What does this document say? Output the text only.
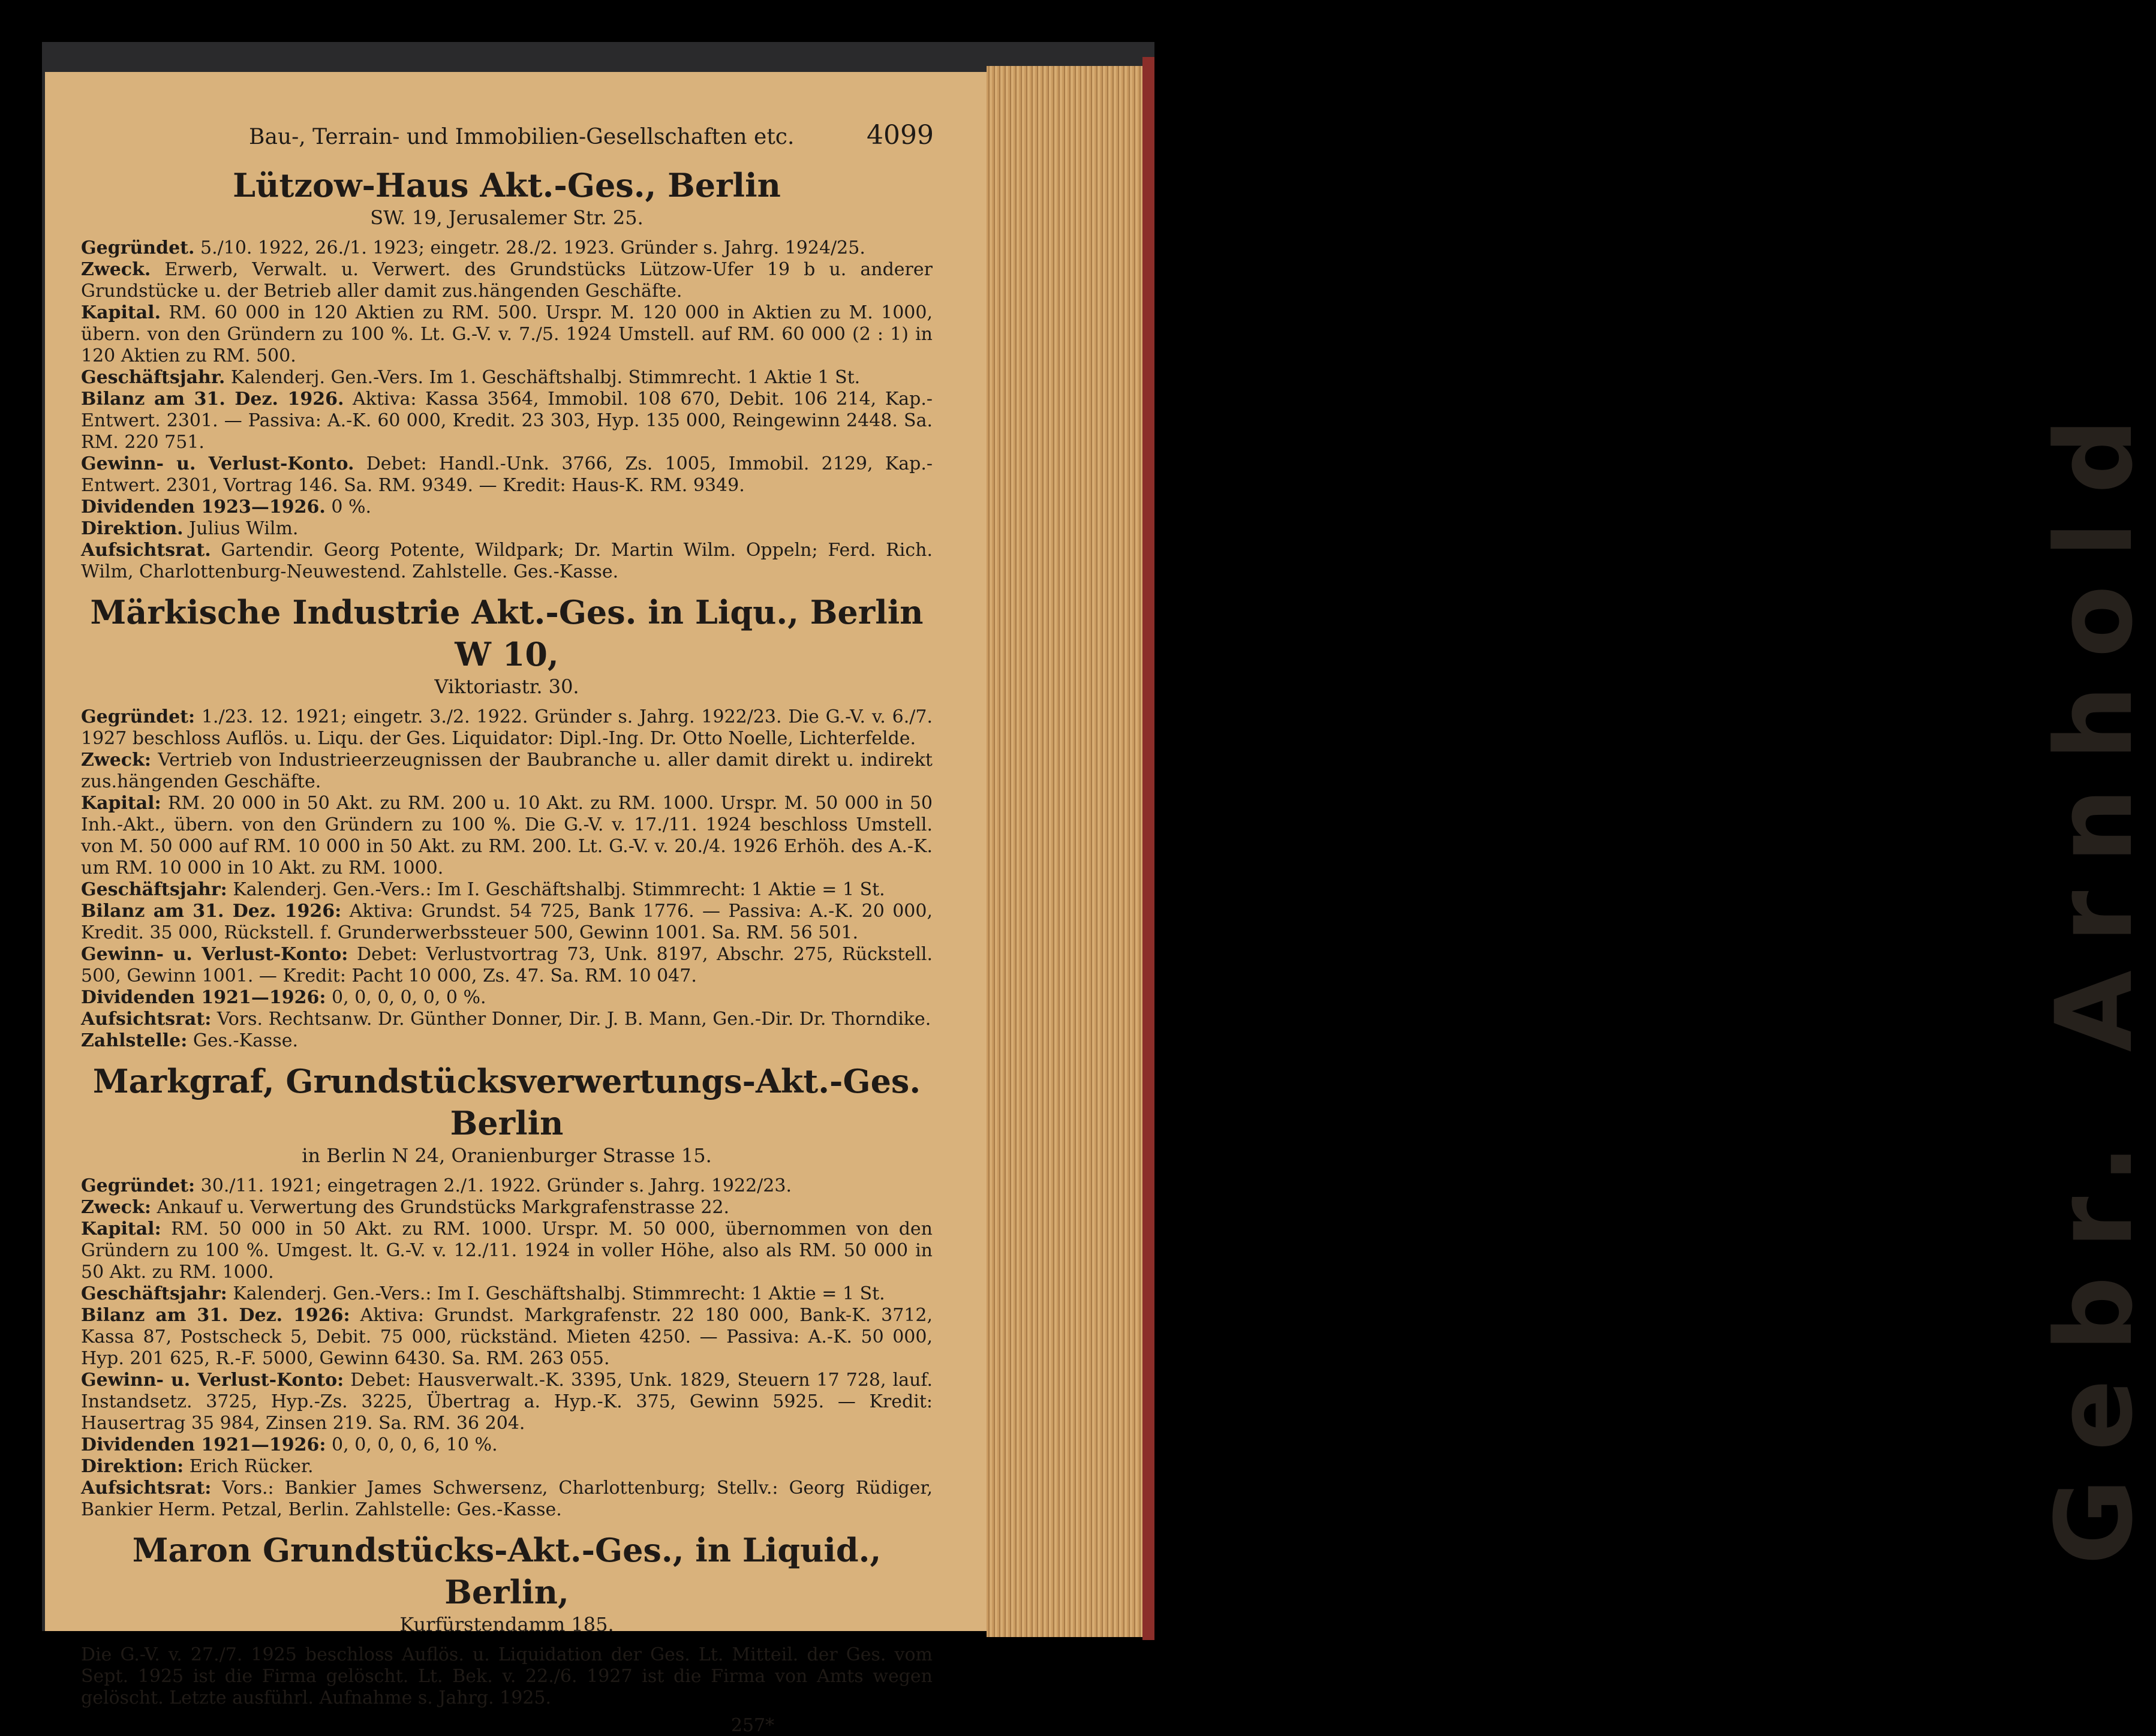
Gebr. Arnhold
Bau-, Terrain- und Immobilien-Gesellschaften etc.	4099
Lützow-Haus Akt.-Ges., Berlin
SW. 19, Jerusalemer Str. 25.

Gegründet. 5./10. 1922, 26./1. 1923; eingetr. 28./2. 1923. Gründer s. Jahrg. 1924/25.

Zweck. Erwerb, Verwalt. u. Verwert. des Grundstücks Lützow-Ufer 19 b u. anderer Grundstücke u. der Betrieb aller damit zus.hängenden Geschäfte.

Kapital. RM. 60 000 in 120 Aktien zu RM. 500. Urspr. M. 120 000 in Aktien zu M. 1000, übern. von den Gründern zu 100 %. Lt. G.-V. v. 7./5. 1924 Umstell. auf RM. 60 000 (2 : 1) in 120 Aktien zu RM. 500.

Geschäftsjahr. Kalenderj. Gen.-Vers. Im 1. Geschäftshalbj. Stimmrecht. 1 Aktie 1 St.

Bilanz am 31. Dez. 1926. Aktiva: Kassa 3564, Immobil. 108 670, Debit. 106 214, Kap.-Entwert. 2301. — Passiva: A.-K. 60 000, Kredit. 23 303, Hyp. 135 000, Reingewinn 2448. Sa. RM. 220 751.

Gewinn- u. Verlust-Konto. Debet: Handl.-Unk. 3766, Zs. 1005, Immobil. 2129, Kap.-Entwert. 2301, Vortrag 146. Sa. RM. 9349. — Kredit: Haus-K. RM. 9349.

Dividenden 1923—1926. 0 %.

Direktion. Julius Wilm.

Aufsichtsrat. Gartendir. Georg Potente, Wildpark; Dr. Martin Wilm. Oppeln; Ferd. Rich. Wilm, Charlottenburg-Neuwestend. Zahlstelle. Ges.-Kasse.

Märkische Industrie Akt.-Ges. in Liqu., Berlin W 10,
Viktoriastr. 30.

Gegründet: 1./23. 12. 1921; eingetr. 3./2. 1922. Gründer s. Jahrg. 1922/23. Die G.-V. v. 6./7. 1927 beschloss Auflös. u. Liqu. der Ges. Liquidator: Dipl.-Ing. Dr. Otto Noelle, Lichterfelde.

Zweck: Vertrieb von Industrieerzeugnissen der Baubranche u. aller damit direkt u. indirekt zus.hängenden Geschäfte.

Kapital: RM. 20 000 in 50 Akt. zu RM. 200 u. 10 Akt. zu RM. 1000. Urspr. M. 50 000 in 50 Inh.-Akt., übern. von den Gründern zu 100 %. Die G.-V. v. 17./11. 1924 beschloss Umstell. von M. 50 000 auf RM. 10 000 in 50 Akt. zu RM. 200. Lt. G.-V. v. 20./4. 1926 Erhöh. des A.-K. um RM. 10 000 in 10 Akt. zu RM. 1000.

Geschäftsjahr: Kalenderj. Gen.-Vers.: Im I. Geschäftshalbj. Stimmrecht: 1 Aktie = 1 St.

Bilanz am 31. Dez. 1926: Aktiva: Grundst. 54 725, Bank 1776. — Passiva: A.-K. 20 000, Kredit. 35 000, Rückstell. f. Grunderwerbssteuer 500, Gewinn 1001. Sa. RM. 56 501.

Gewinn- u. Verlust-Konto: Debet: Verlustvortrag 73, Unk. 8197, Abschr. 275, Rückstell. 500, Gewinn 1001. — Kredit: Pacht 10 000, Zs. 47. Sa. RM. 10 047.

Dividenden 1921—1926: 0, 0, 0, 0, 0, 0 %.

Aufsichtsrat: Vors. Rechtsanw. Dr. Günther Donner, Dir. J. B. Mann, Gen.-Dir. Dr. Thorndike.

Zahlstelle: Ges.-Kasse.

Markgraf, Grundstücksverwertungs-Akt.-Ges. Berlin
in Berlin N 24, Oranienburger Strasse 15.

Gegründet: 30./11. 1921; eingetragen 2./1. 1922. Gründer s. Jahrg. 1922/23.

Zweck: Ankauf u. Verwertung des Grundstücks Markgrafenstrasse 22.

Kapital: RM. 50 000 in 50 Akt. zu RM. 1000. Urspr. M. 50 000, übernommen von den Gründern zu 100 %. Umgest. lt. G.-V. v. 12./11. 1924 in voller Höhe, also als RM. 50 000 in 50 Akt. zu RM. 1000.

Geschäftsjahr: Kalenderj. Gen.-Vers.: Im I. Geschäftshalbj. Stimmrecht: 1 Aktie = 1 St.

Bilanz am 31. Dez. 1926: Aktiva: Grundst. Markgrafenstr. 22 180 000, Bank-K. 3712, Kassa 87, Postscheck 5, Debit. 75 000, rückständ. Mieten 4250. — Passiva: A.-K. 50 000, Hyp. 201 625, R.-F. 5000, Gewinn 6430. Sa. RM. 263 055.

Gewinn- u. Verlust-Konto: Debet: Hausverwalt.-K. 3395, Unk. 1829, Steuern 17 728, lauf. Instandsetz. 3725, Hyp.-Zs. 3225, Übertrag a. Hyp.-K. 375, Gewinn 5925. — Kredit: Hausertrag 35 984, Zinsen 219. Sa. RM. 36 204.

Dividenden 1921—1926: 0, 0, 0, 0, 6, 10 %.

Direktion: Erich Rücker.

Aufsichtsrat: Vors.: Bankier James Schwersenz, Charlottenburg; Stellv.: Georg Rüdiger, Bankier Herm. Petzal, Berlin. Zahlstelle: Ges.-Kasse.

Maron Grundstücks-Akt.-Ges., in Liquid., Berlin,
Kurfürstendamm 185.

Die G.-V. v. 27./7. 1925 beschloss Auflös. u. Liquidation der Ges. Lt. Mitteil. der Ges. vom Sept. 1925 ist die Firma gelöscht. Lt. Bek. v. 22./6. 1927 ist die Firma von Amts wegen gelöscht. Letzte ausführl. Aufnahme s. Jahrg. 1925.

257*
